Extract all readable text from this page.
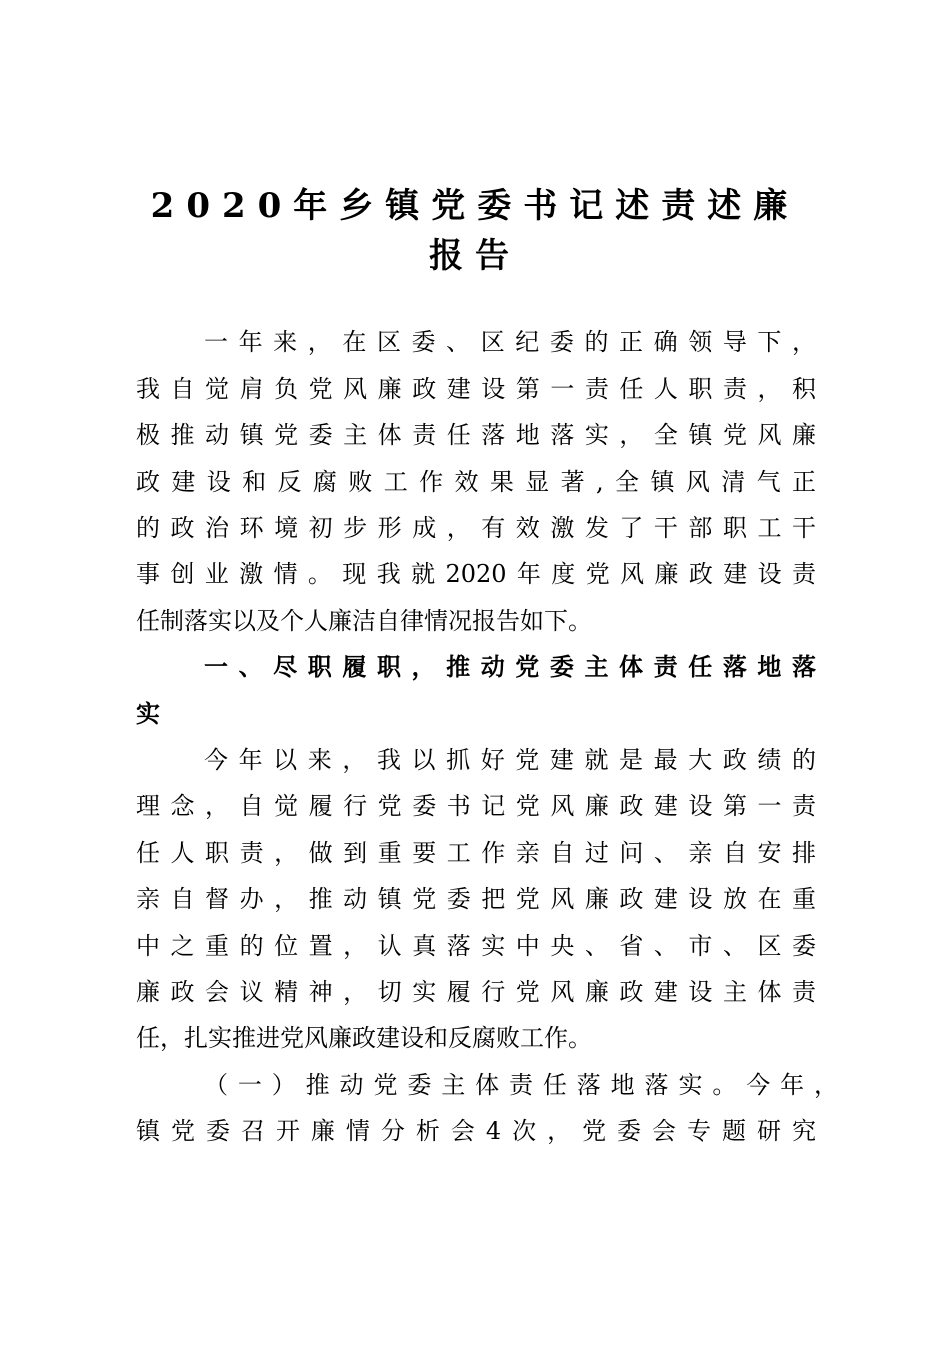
2020年乡镇党委书记述责述廉
报告
一年来，在区委、区纪委的正确领导下，
我自觉肩负党风廉政建设第一责任人职责，积
极推动镇党委主体责任落地落实，全镇党风廉
政建设和反腐败工作效果显著,全镇风清气正
的政治环境初步形成，有效激发了干部职工干
事创业激情。现我就2020年度党风廉政建设责
任制落实以及个人廉洁自律情况报告如下。
一、尽职履职，推动党委主体责任落地落
实
今年以来，我以抓好党建就是最大政绩的
理念，自觉履行党委书记党风廉政建设第一责
任人职责，做到重要工作亲自过问、亲自安排
亲自督办，推动镇党委把党风廉政建设放在重
中之重的位置，认真落实中央、省、市、区委
廉政会议精神，切实履行党风廉政建设主体责
任，扎实推进党风廉政建设和反腐败工作。
（一）推动党委主体责任落地落实。今年，
镇党委召开廉情分析会4次，党委会专题研究
